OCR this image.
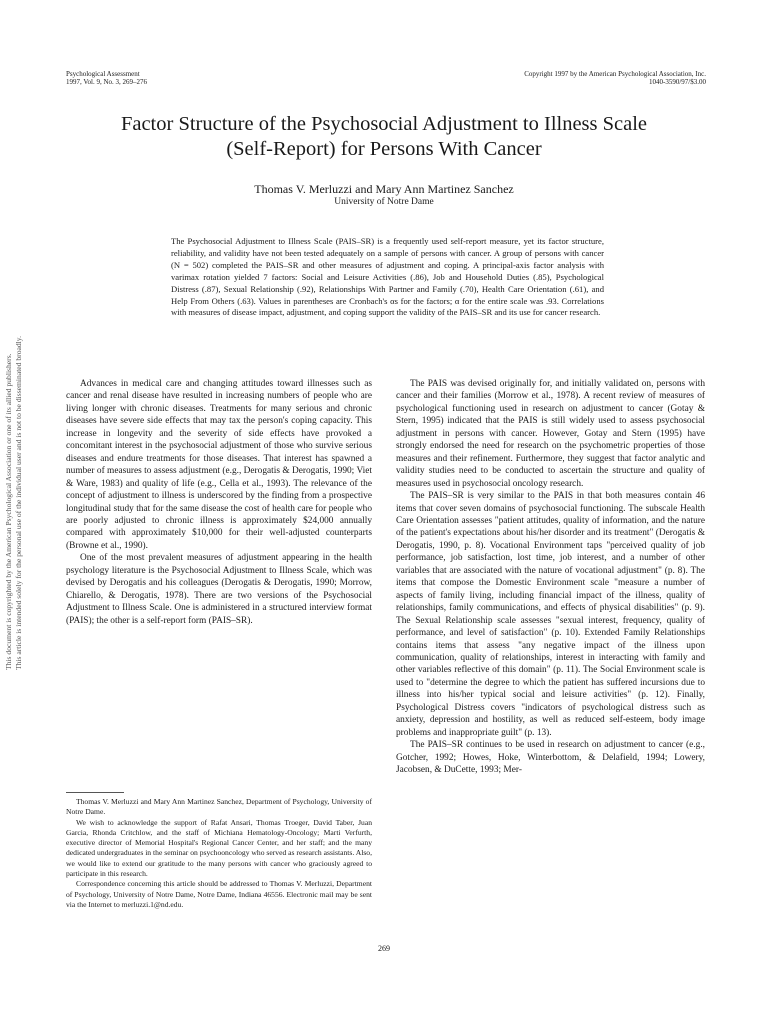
Psychological Assessment
1997, Vol. 9, No. 3, 269–276
Copyright 1997 by the American Psychological Association, Inc.
1040-3590/97/$3.00
Factor Structure of the Psychosocial Adjustment to Illness Scale
(Self-Report) for Persons With Cancer
Thomas V. Merluzzi and Mary Ann Martinez Sanchez
University of Notre Dame
The Psychosocial Adjustment to Illness Scale (PAIS–SR) is a frequently used self-report measure, yet its factor structure, reliability, and validity have not been tested adequately on a sample of persons with cancer. A group of persons with cancer (N = 502) completed the PAIS–SR and other measures of adjustment and coping. A principal-axis factor analysis with varimax rotation yielded 7 factors: Social and Leisure Activities (.86), Job and Household Duties (.85), Psychological Distress (.87), Sexual Relationship (.92), Relationships With Partner and Family (.70), Health Care Orientation (.61), and Help From Others (.63). Values in parentheses are Cronbach's αs for the factors; α for the entire scale was .93. Correlations with measures of disease impact, adjustment, and coping support the validity of the PAIS–SR and its use for cancer research.

Advances in medical care and changing attitudes toward illnesses such as cancer and renal disease have resulted in increasing numbers of people who are living longer with chronic diseases. Treatments for many serious and chronic diseases have severe side effects that may tax the person's coping capacity. This increase in longevity and the severity of side effects have provoked a concomitant interest in the psychosocial adjustment of those who survive serious diseases and endure treatments for those diseases. That interest has spawned a number of measures to assess adjustment (e.g., Derogatis & Derogatis, 1990; Viet & Ware, 1983) and quality of life (e.g., Cella et al., 1993). The relevance of the concept of adjustment to illness is underscored by the finding from a prospective longitudinal study that for the same disease the cost of health care for people who are poorly adjusted to chronic illness is approximately $24,000 annually compared with approximately $10,000 for their well-adjusted counterparts (Browne et al., 1990).

One of the most prevalent measures of adjustment appearing in the health psychology literature is the Psychosocial Adjustment to Illness Scale, which was devised by Derogatis and his colleagues (Derogatis & Derogatis, 1990; Morrow, Chiarello, & Derogatis, 1978). There are two versions of the Psychosocial Adjustment to Illness Scale. One is administered in a structured interview format (PAIS); the other is a self-report form (PAIS–SR).

Thomas V. Merluzzi and Mary Ann Martinez Sanchez, Department of Psychology, University of Notre Dame.

We wish to acknowledge the support of Rafat Ansari, Thomas Troeger, David Taber, Juan Garcia, Rhonda Critchlow, and the staff of Michiana Hematology-Oncology; Marti Verfurth, executive director of Memorial Hospital's Regional Cancer Center, and her staff; and the many dedicated undergraduates in the seminar on psychooncology who served as research assistants. Also, we would like to extend our gratitude to the many persons with cancer who graciously agreed to participate in this research.

Correspondence concerning this article should be addressed to Thomas V. Merluzzi, Department of Psychology, University of Notre Dame, Notre Dame, Indiana 46556. Electronic mail may be sent via the Internet to merluzzi.1@nd.edu.

The PAIS was devised originally for, and initially validated on, persons with cancer and their families (Morrow et al., 1978). A recent review of measures of psychological functioning used in research on adjustment to cancer (Gotay & Stern, 1995) indicated that the PAIS is still widely used to assess psychosocial adjustment in persons with cancer. However, Gotay and Stern (1995) have strongly endorsed the need for research on the psychometric properties of those measures and their refinement. Furthermore, they suggest that factor analytic and validity studies need to be conducted to ascertain the structure and quality of measures used in psychosocial oncology research.

The PAIS–SR is very similar to the PAIS in that both measures contain 46 items that cover seven domains of psychosocial functioning. The subscale Health Care Orientation assesses "patient attitudes, quality of information, and the nature of the patient's expectations about his/her disorder and its treatment" (Derogatis & Derogatis, 1990, p. 8). Vocational Environment taps "perceived quality of job performance, job satisfaction, lost time, job interest, and a number of other variables that are associated with the nature of vocational adjustment" (p. 8). The items that compose the Domestic Environment scale "measure a number of aspects of family living, including financial impact of the illness, quality of relationships, family communications, and effects of physical disabilities" (p. 9). The Sexual Relationship scale assesses "sexual interest, frequency, quality of performance, and level of satisfaction" (p. 10). Extended Family Relationships contains items that assess "any negative impact of the illness upon communication, quality of relationships, interest in interacting with family and other variables reflective of this domain" (p. 11). The Social Environment scale is used to "determine the degree to which the patient has suffered incursions due to illness into his/her typical social and leisure activities" (p. 12). Finally, Psychological Distress covers "indicators of psychological distress such as anxiety, depression and hostility, as well as reduced self-esteem, body image problems and inappropriate guilt" (p. 13).

The PAIS–SR continues to be used in research on adjustment to cancer (e.g., Gotcher, 1992; Howes, Hoke, Winterbottom, & Delafield, 1994; Lowery, Jacobsen, & DuCette, 1993; Mer-

269
This document is copyrighted by the American Psychological Association or one of its allied publishers. This article is intended solely for the personal use of the individual user and is not to be disseminated broadly.
